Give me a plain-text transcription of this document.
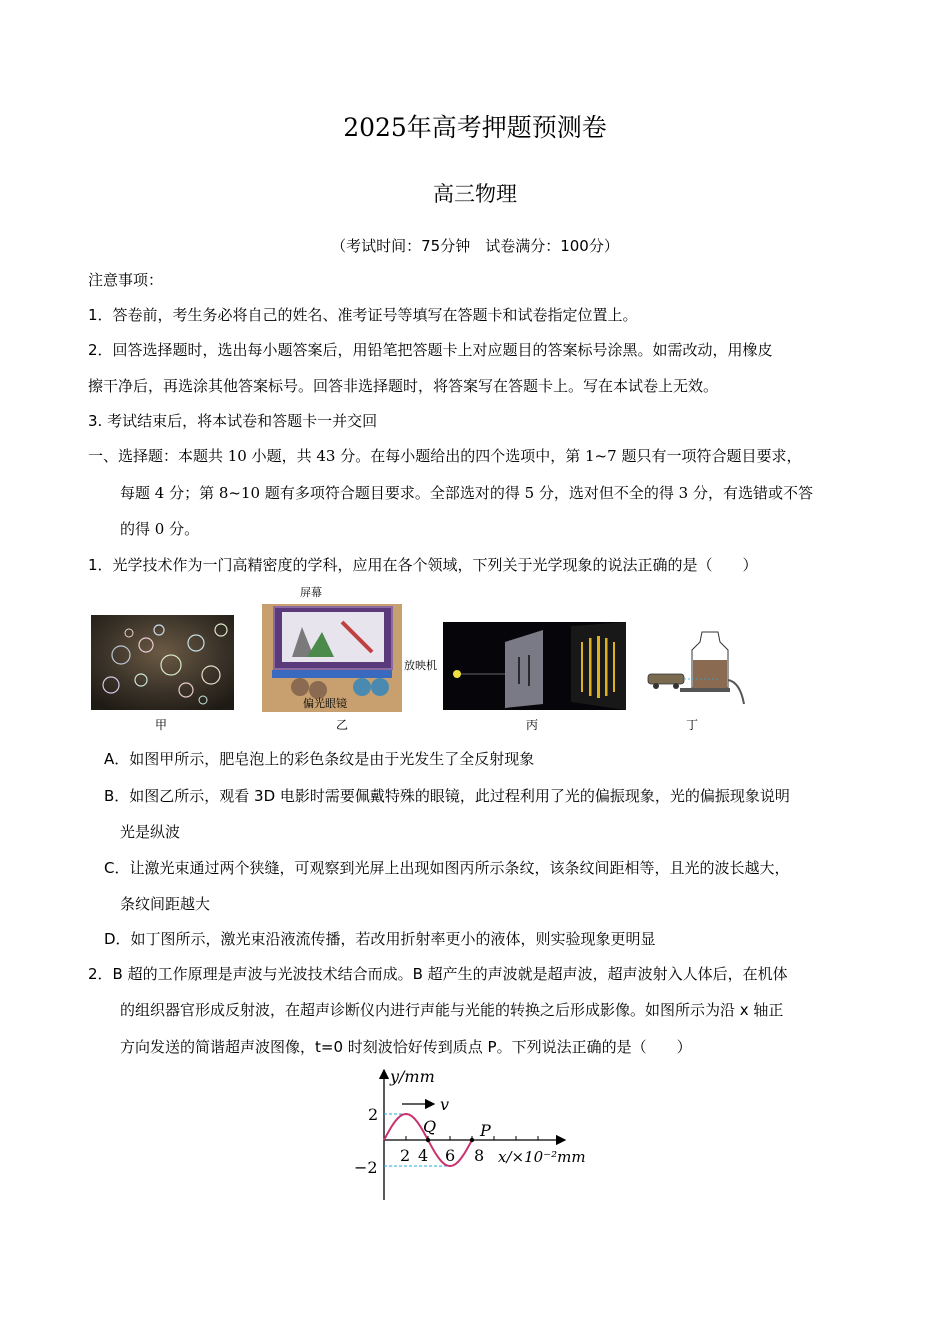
2025年高考押题预测卷
高三物理
（考试时间：75分钟　试卷满分：100分）
注意事项：
1．答卷前，考生务必将自己的姓名、准考证号等填写在答题卡和试卷指定位置上。
2．回答选择题时，选出每小题答案后，用铅笔把答题卡上对应题目的答案标号涂黑。如需改动，用橡皮
擦干净后，再选涂其他答案标号。回答非选择题时，将答案写在答题卡上。写在本试卷上无效。
3. 考试结束后，将本试卷和答题卡一并交回
一、选择题：本题共 10 小题，共 43 分。在每小题给出的四个选项中，第 1~7 题只有一项符合题目要求，
每题 4 分；第 8~10 题有多项符合题目要求。全部选对的得 5 分，选对但不全的得 3 分，有选错或不答
的得 0 分。
1．光学技术作为一门高精密度的学科，应用在各个领域，下列关于光学现象的说法正确的是（　　）
甲
屏幕
放映机
偏光眼镜
乙	丙	丁
A．如图甲所示，肥皂泡上的彩色条纹是由于光发生了全反射现象
B．如图乙所示，观看 3D 电影时需要佩戴特殊的眼镜，此过程利用了光的偏振现象，光的偏振现象说明
光是纵波
C．让激光束通过两个狭缝，可观察到光屏上出现如图丙所示条纹，该条纹间距相等，且光的波长越大，
条纹间距越大
D．如丁图所示，激光束沿液流传播，若改用折射率更小的液体，则实验现象更明显
2．B 超的工作原理是声波与光波技术结合而成。B 超产生的声波就是超声波，超声波射入人体后，在机体
的组织器官形成反射波，在超声诊断仪内进行声能与光能的转换之后形成影像。如图所示为沿 x 轴正
方向发送的简谐超声波图像，t=0 时刻波恰好传到质点 P。下列说法正确的是（　　）
y/mm
v
2
−2
Q	P
2 4 6 8 x/×10⁻²mm
